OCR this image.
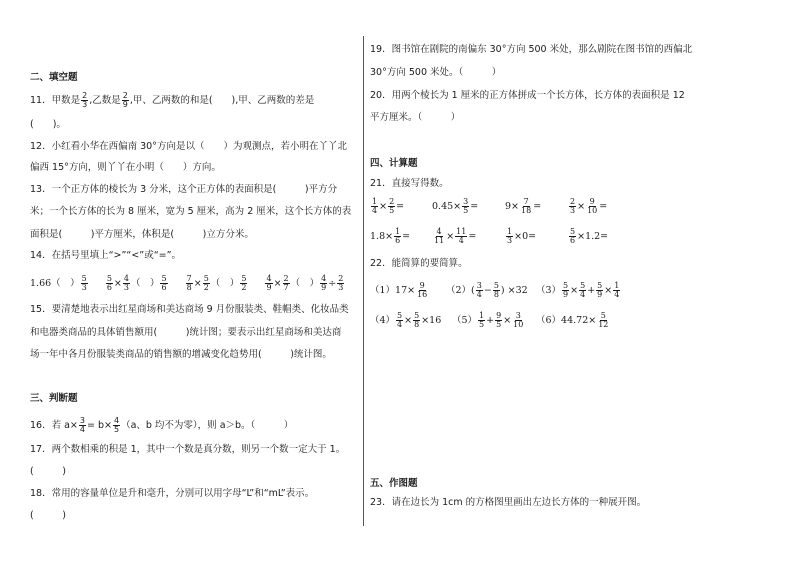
二、填空题
11．甲数是 $\frac{2}{3}$ ,乙数是 $\frac{2}{9}$ ,甲、乙两数的和是(　　),甲、乙两数的差是
(　　)。
12．小红看小华在西偏南 30°方向是以（　　）为观测点，若小明在丫丫北
偏西 15°方向，则丫丫在小明（　　）方向。
13．一个正方体的棱长为 3 分米，这个正方体的表面积是(　　　)平方分
米；一个长方体的长为 8 厘米，宽为 5 厘米，高为 2 厘米，这个长方体的表
面积是(　　　)平方厘米，体积是(　　　)立方分米。
14．在括号里填上“>”“<”或“=”。
1.66（　） $\frac{5}{3}$
$\frac{5}{6} \times \frac{4}{3}$ （　） $\frac{5}{6}$
$\frac{7}{8} \times \frac{5}{2}$ （　） $\frac{5}{2}$
$\frac{4}{9} \times \frac{2}{7}$ （　） $\frac{4}{9} \div \frac{2}{3}$
15．要清楚地表示出红星商场和美达商场 9 月份服装类、鞋帽类、化妆品类
和电器类商品的具体销售额用(　　　)统计图；要表示出红星商场和美达商
场一年中各月份服装类商品的销售额的增减变化趋势用(　　　)统计图。
三、判断题
16．若 $a\times \frac{3}{4} = b\times \frac{4}{5} (a$、b 均不为零），则 a＞b。（　　　）
17．两个数相乘的积是 1，其中一个数是真分数，则另一个数一定大于 1。
(　　　)
18．常用的容量单位是升和毫升，分别可以用字母“L”和“mL”表示。
(　　　)
19．图书馆在剧院的南偏东 30°方向 500 米处，那么剧院在图书馆的西偏北
30°方向 500 米处。（　　　）
20．用两个棱长为 1 厘米的正方体拼成一个长方体，长方体的表面积是 12
平方厘米。（　　　）
四、计算题
21．直接写得数。
$\frac{1}{4} \times \frac{2}{5}$ =	$0.45\times \frac{3}{5}$ =	$9\times \frac{7}{18}$ =	$\frac{2}{3} \times \frac{9}{10}$ =
$1.8\times \frac{1}{6}$ =	$\frac{4}{11} \times \frac{11}{4}$ =	$\frac{1}{3} \times 0=$	$\frac{5}{6} \times 1.2=$
22．能简算的要简算。
$(1)17\times \frac{9}{16} (2)( \frac{3}{4} - \frac{5}{8}$ ) ×32 $(3) \frac{5}{9} \times \frac{5}{4} + \frac{5}{9} \times \frac{1}{4}$
$(4) \frac{5}{4} \times \frac{5}{8} \times 16$ $(5) \frac{1}{5} + \frac{9}{5} \times \frac{3}{10} (6)44.72\times \frac{5}{12}$
五、作图题
23．请在边长为 1cm 的方格图里画出左边长方体的一种展开图。
